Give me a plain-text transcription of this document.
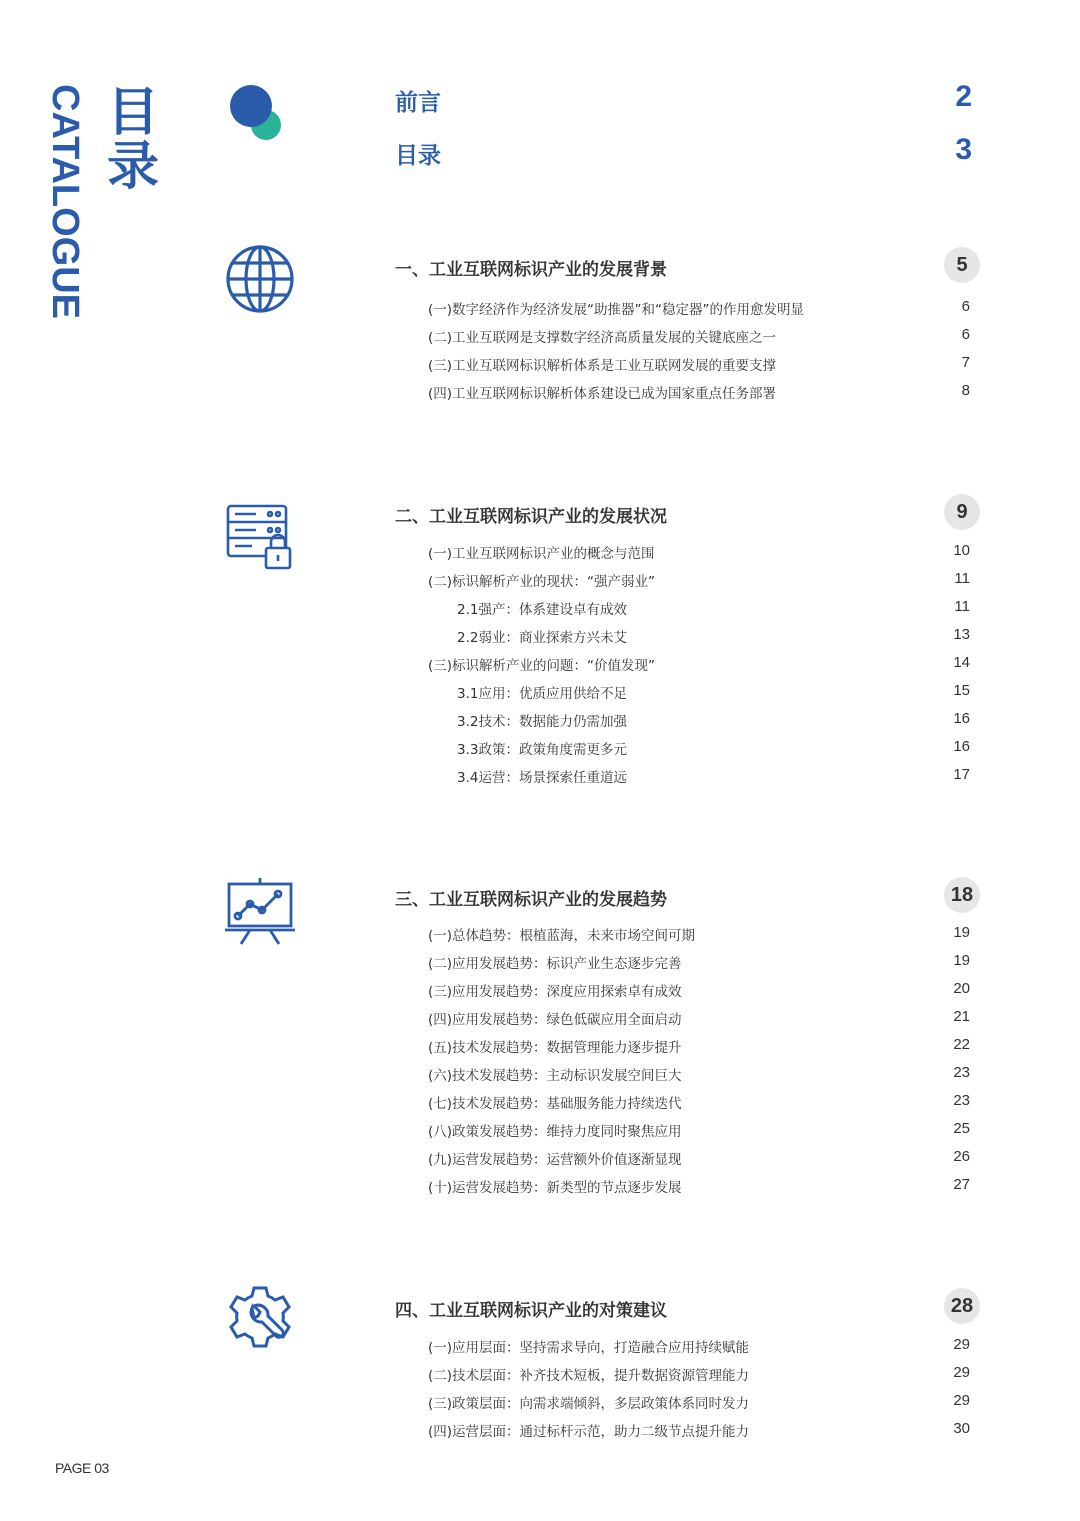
目
录
CATALOGUE	前言	2
目录	3
一、工业互联网标识产业的发展背景	5
(一)数字经济作为经济发展“助推器”和“稳定器”的作用愈发明显	6
(二)工业互联网是支撑数字经济高质量发展的关键底座之一	6
(三)工业互联网标识解析体系是工业互联网发展的重要支撑	7
(四)工业互联网标识解析体系建设已成为国家重点任务部署	8
二、工业互联网标识产业的发展状况	9
(一)工业互联网标识产业的概念与范围	10
(二)标识解析产业的现状：“强产弱业”	11
2.1强产：体系建设卓有成效	11
2.2弱业：商业探索方兴未艾	13
(三)标识解析产业的问题：“价值发现”	14
3.1应用：优质应用供给不足	15
3.2技术：数据能力仍需加强	16
3.3政策：政策角度需更多元	16
3.4运营：场景探索任重道远	17
三、工业互联网标识产业的发展趋势	18
(一)总体趋势：根植蓝海，未来市场空间可期	19
(二)应用发展趋势：标识产业生态逐步完善	19
(三)应用发展趋势：深度应用探索卓有成效	20
(四)应用发展趋势：绿色低碳应用全面启动	21
(五)技术发展趋势：数据管理能力逐步提升	22
(六)技术发展趋势：主动标识发展空间巨大	23
(七)技术发展趋势：基础服务能力持续迭代	23
(八)政策发展趋势：维持力度同时聚焦应用	25
(九)运营发展趋势：运营额外价值逐渐显现	26
(十)运营发展趋势：新类型的节点逐步发展	27
四、工业互联网标识产业的对策建议	28
(一)应用层面：坚持需求导向，打造融合应用持续赋能	29
(二)技术层面：补齐技术短板，提升数据资源管理能力	29
(三)政策层面：向需求端倾斜，多层政策体系同时发力	29
(四)运营层面：通过标杆示范，助力二级节点提升能力	30
PAGE 03
